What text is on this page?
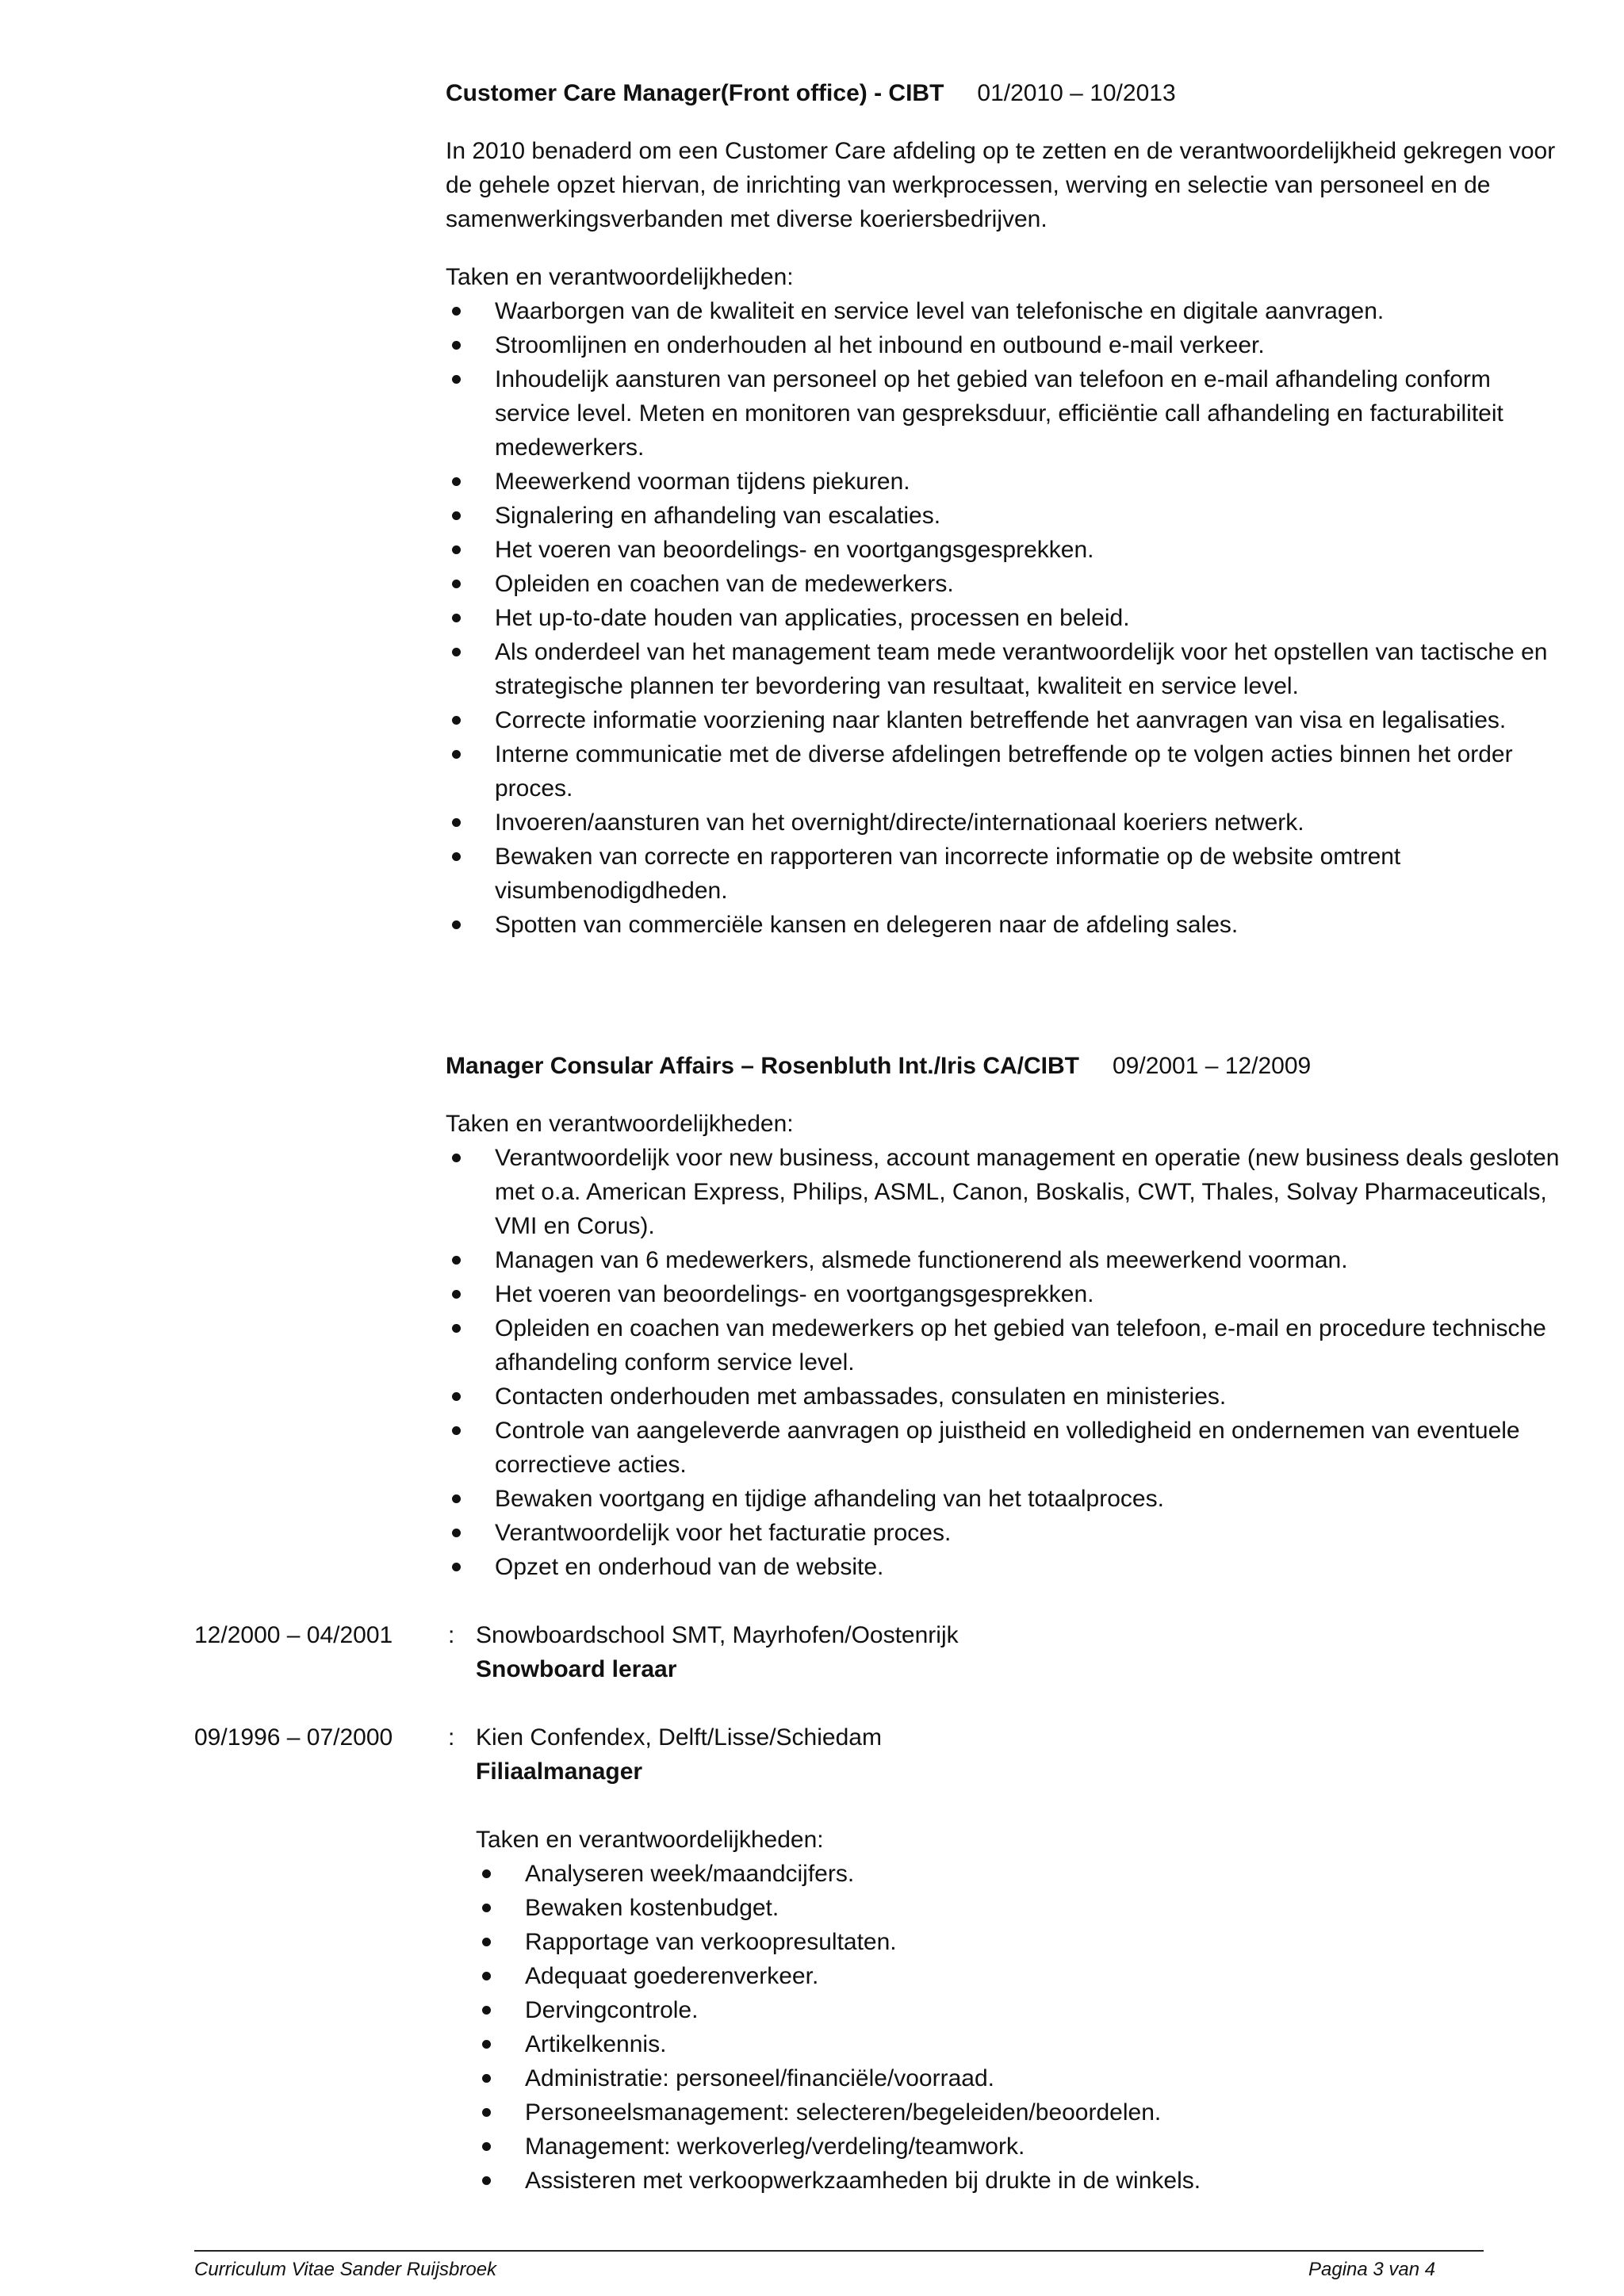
Customer Care Manager(Front office) - CIBT 01/2010 – 10/2013

In 2010 benaderd om een Customer Care afdeling op te zetten en de verantwoordelijkheid gekregen voor de gehele opzet hiervan, de inrichting van werkprocessen, werving en selectie van personeel en de samenwerkingsverbanden met diverse koeriersbedrijven.

Taken en verantwoordelijkheden:

Waarborgen van de kwaliteit en service level van telefonische en digitale aanvragen.
Stroomlijnen en onderhouden al het inbound en outbound e-mail verkeer.
Inhoudelijk aansturen van personeel op het gebied van telefoon en e-mail afhandeling conform service level. Meten en monitoren van gespreksduur, efficiëntie call afhandeling en facturabiliteit medewerkers.
Meewerkend voorman tijdens piekuren.
Signalering en afhandeling van escalaties.
Het voeren van beoordelings- en voortgangsgesprekken.
Opleiden en coachen van de medewerkers.
Het up-to-date houden van applicaties, processen en beleid.
Als onderdeel van het management team mede verantwoordelijk voor het opstellen van tactische en strategische plannen ter bevordering van resultaat, kwaliteit en service level.
Correcte informatie voorziening naar klanten betreffende het aanvragen van visa en legalisaties.
Interne communicatie met de diverse afdelingen betreffende op te volgen acties binnen het order proces.
Invoeren/aansturen van het overnight/directe/internationaal koeriers netwerk.
Bewaken van correcte en rapporteren van incorrecte informatie op de website omtrent visumbenodigdheden.
Spotten van commerciële kansen en delegeren naar de afdeling sales.

Manager Consular Affairs – Rosenbluth Int./Iris CA/CIBT 09/2001 – 12/2009

Taken en verantwoordelijkheden:

Verantwoordelijk voor new business, account management en operatie (new business deals gesloten met o.a. American Express, Philips, ASML, Canon, Boskalis, CWT, Thales, Solvay Pharmaceuticals, VMI en Corus).
Managen van 6 medewerkers, alsmede functionerend als meewerkend voorman.
Het voeren van beoordelings- en voortgangsgesprekken.
Opleiden en coachen van medewerkers op het gebied van telefoon, e-mail en procedure technische afhandeling conform service level.
Contacten onderhouden met ambassades, consulaten en ministeries.
Controle van aangeleverde aanvragen op juistheid en volledigheid en ondernemen van eventuele correctieve acties.
Bewaken voortgang en tijdige afhandeling van het totaalproces.
Verantwoordelijk voor het facturatie proces.
Opzet en onderhoud van de website.
12/2000 – 04/2001	: Snowboardschool SMT, Mayrhofen/Oostenrijk

Snowboard leraar

09/1996 – 07/2000	: Kien Confendex, Delft/Lisse/Schiedam

Filiaalmanager

Taken en verantwoordelijkheden:

Analyseren week/maandcijfers.
Bewaken kostenbudget.
Rapportage van verkoopresultaten.
Adequaat goederenverkeer.
Dervingcontrole.
Artikelkennis.
Administratie: personeel/financiële/voorraad.
Personeelsmanagement: selecteren/begeleiden/beoordelen.
Management: werkoverleg/verdeling/teamwork.
Assisteren met verkoopwerkzaamheden bij drukte in de winkels.
Curriculum Vitae Sander Ruijsbroek	Pagina 3 van 4
